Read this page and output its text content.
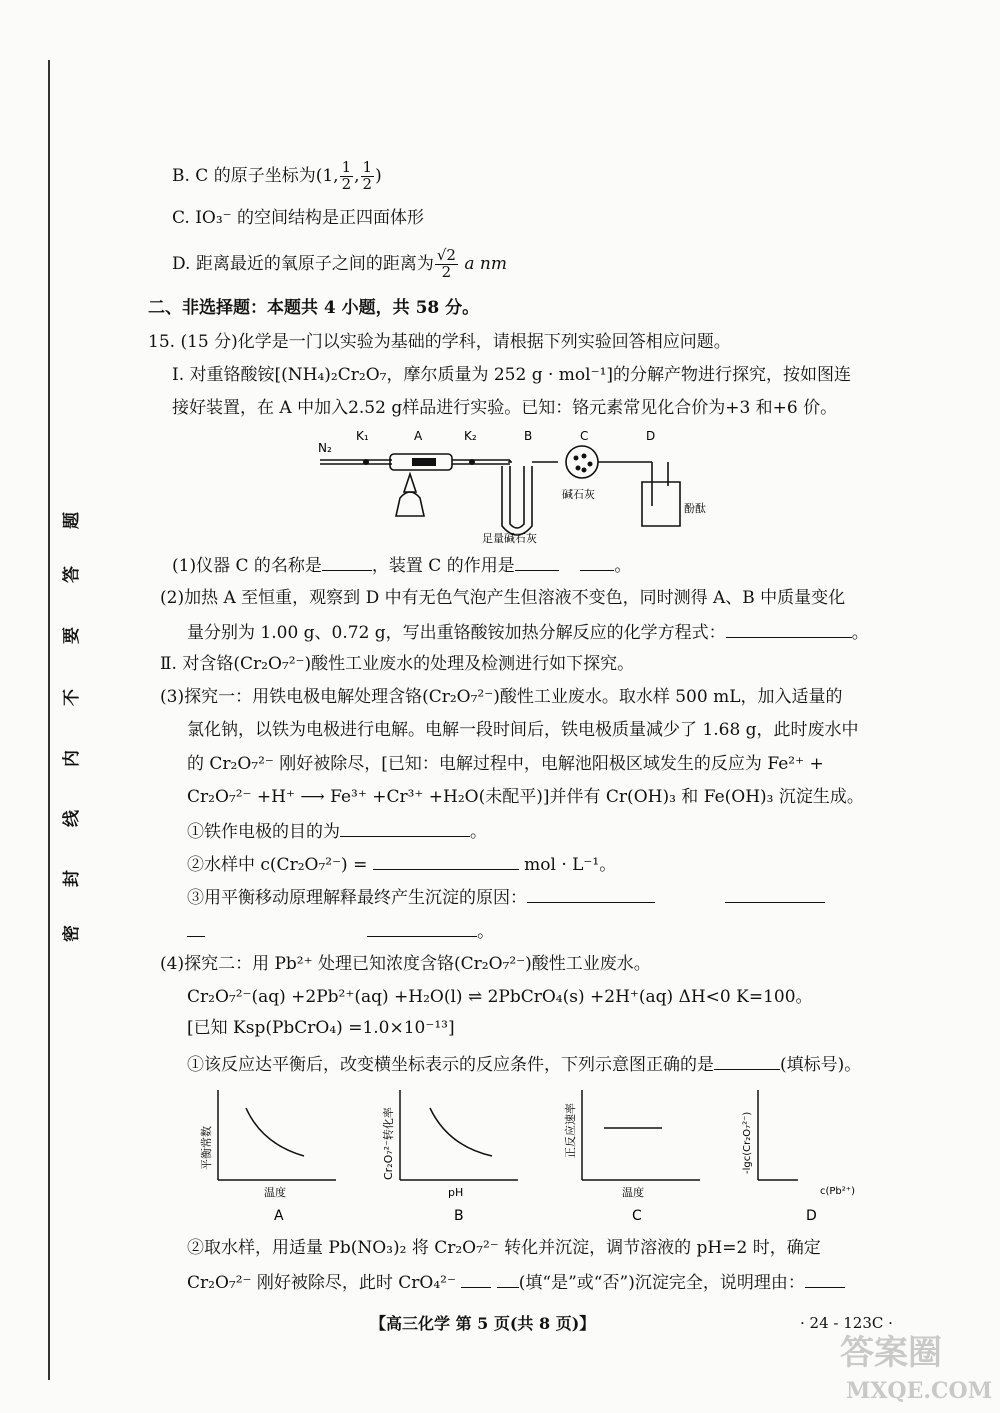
题
答
要
不
内
线
封
密
B. C 的原子坐标为(1, $\frac{1}{2}$ , $\frac{1}{2}$ )
C. IO₃⁻ 的空间结构是正四面体形
D. 距离最近的氧原子之间的距离为 $\frac{√2}{2}$ a nm
二、非选择题：本题共 4 小题，共 58 分。
15. (15 分)化学是一门以实验为基础的学科，请根据下列实验回答相应问题。
Ⅰ. 对重铬酸铵[(NH₄)₂Cr₂O₇，摩尔质量为 252 g · mol⁻¹]的分解产物进行探究，按如图连
接好装置，在 A 中加入2.52 g样品进行实验。已知：铬元素常见化合价为+3 和+6 价。
N₂
K₁	A	K₂	B	C	D
碱石灰
酚酞
足量碱石灰
(1)仪器 C 的名称是	，装置 C 的作用是	。
(2)加热 A 至恒重，观察到 D 中有无色气泡产生但溶液不变色，同时测得 A、B 中质量变化
量分别为 1.00 g、0.72 g，写出重铬酸铵加热分解反应的化学方程式：	。
Ⅱ. 对含铬(Cr₂O₇²⁻)酸性工业废水的处理及检测进行如下探究。
(3)探究一：用铁电极电解处理含铬(Cr₂O₇²⁻)酸性工业废水。取水样 500 mL，加入适量的
氯化钠，以铁为电极进行电解。电解一段时间后，铁电极质量减少了 1.68 g，此时废水中
的 Cr₂O₇²⁻ 刚好被除尽，[已知：电解过程中，电解池阳极区域发生的反应为 Fe²⁺ +
Cr₂O₇²⁻ +H⁺ ⟶ Fe³⁺ +Cr³⁺ +H₂O(未配平)]并伴有 Cr(OH)₃ 和 Fe(OH)₃ 沉淀生成。
①铁作电极的目的为	。
②水样中 c(Cr₂O₇²⁻) =	mol · L⁻¹。
③用平衡移动原理解释最终产生沉淀的原因：
。
(4)探究二：用 Pb²⁺ 处理已知浓度含铬(Cr₂O₇²⁻)酸性工业废水。
Cr₂O₇²⁻(aq) +2Pb²⁺(aq) +H₂O(l) ⇌ 2PbCrO₄(s) +2H⁺(aq) ΔH<0 K=100。
[已知 Ksp(PbCrO₄) =1.0×10⁻¹³]
①该反应达平衡后，改变横坐标表示的反应条件，下列示意图正确的是	(填标号)。
平衡常数
温度
A
Cr₂O₇²⁻转化率
pH
B
正反应速率
温度
C
-lgc(Cr₂O₇²⁻)
c(Pb²⁺)
D
②取水样，用适量 Pb(NO₃)₂ 将 Cr₂O₇²⁻ 转化并沉淀，调节溶液的 pH=2 时，确定
Cr₂O₇²⁻ 刚好被除尽，此时 CrO₄²⁻	(填“是”或“否”)沉淀完全，说明理由：
【高三化学 第 5 页(共 8 页)】	· 24 - 123C ·
答案圈
MXQE.COM
